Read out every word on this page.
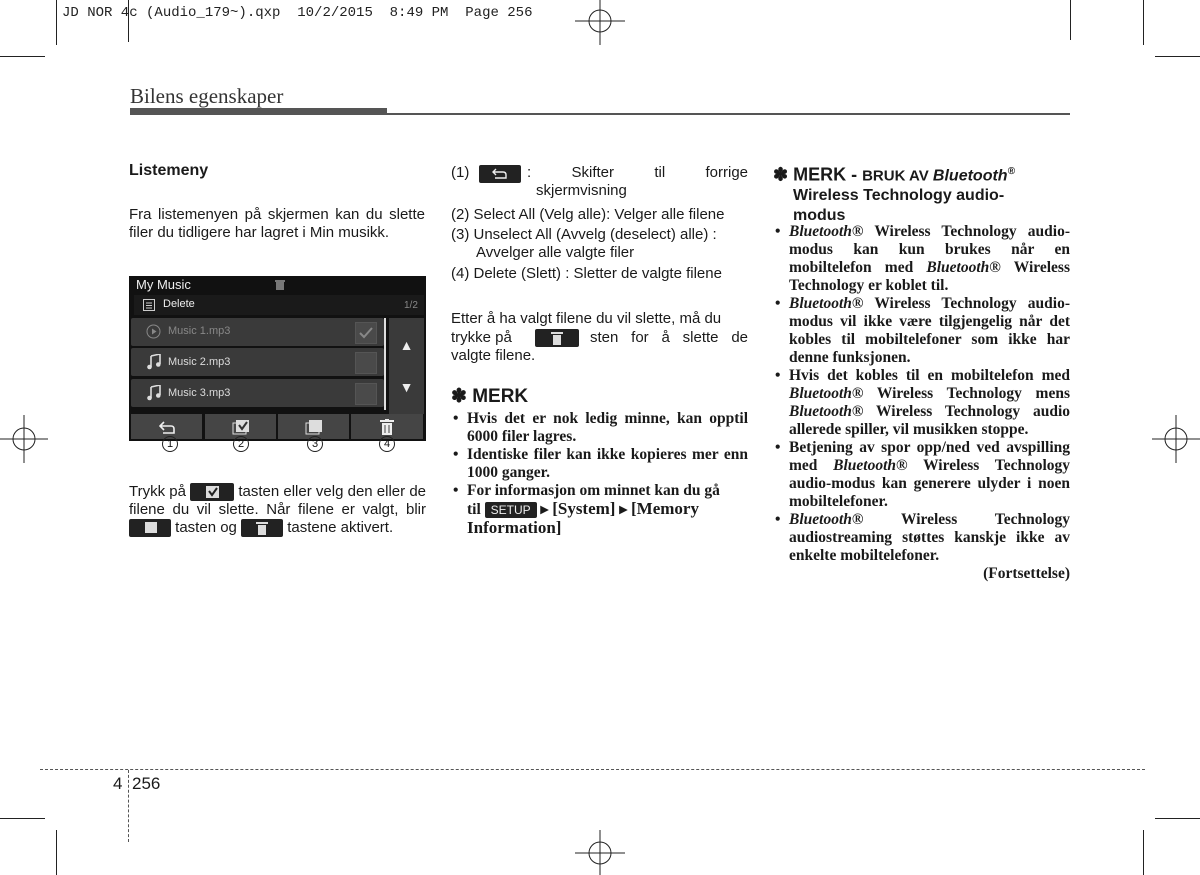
JD NOR 4c (Audio_179~).qxp  10/2/2015  8:49 PM  Page 256
Bilens egenskaper
Listemeny
Fra listemenyen på skjermen kan du slette filer du tidligere har lagret i Min musikk.
My Music
Delete	1/2
Music 1.mp3
Music 2.mp3
Music 3.mp3
▲
▼
1	2	3	4
Trykk på	tasten eller velg den eller de filene du vil slette. Når filene er valgt, blir  tasten og	tastene aktivert.
(1)	: Skifter til forrige
skjermvisning
(2) Select All (Velg alle): Velger alle filene
(3) Unselect All (Avvelg (deselect) alle) :
Avvelger alle valgte filer
(4) Delete (Slett) : Sletter de valgte filene
Etter å ha valgt filene du vil slette, må du
trykke på	sten for å slette de
valgte filene.
✽ MERK
• Hvis det er nok ledig minne, kan opptil 6000 filer lagres.
• Identiske filer kan ikke kopieres mer enn 1000 ganger.
• For informasjon om minnet kan du gå
til SETUP ▸ [System] ▸ [Memory
Information]
✽ MERK - BRUK AV Bluetooth®
Wireless Technology audio-
modus
• Bluetooth® Wireless Technology audio-modus kan kun brukes når en mobiltelefon med Bluetooth® Wireless Technology er koblet til.
• Bluetooth® Wireless Technology audio-modus vil ikke være tilgjengelig når det kobles til mobiltelefoner som ikke har denne funksjonen.
• Hvis det kobles til en mobiltelefon med Bluetooth® Wireless Technology mens Bluetooth® Wireless Technology audio allerede spiller, vil musikken stoppe.
• Betjening av spor opp/ned ved avspilling med Bluetooth® Wireless Technology audio-modus kan generere ulyder i noen mobiltelefoner.
• Bluetooth® Wireless Technology audiostreaming støttes kanskje ikke av enkelte mobiltelefoner.
(Fortsettelse)
4 256
